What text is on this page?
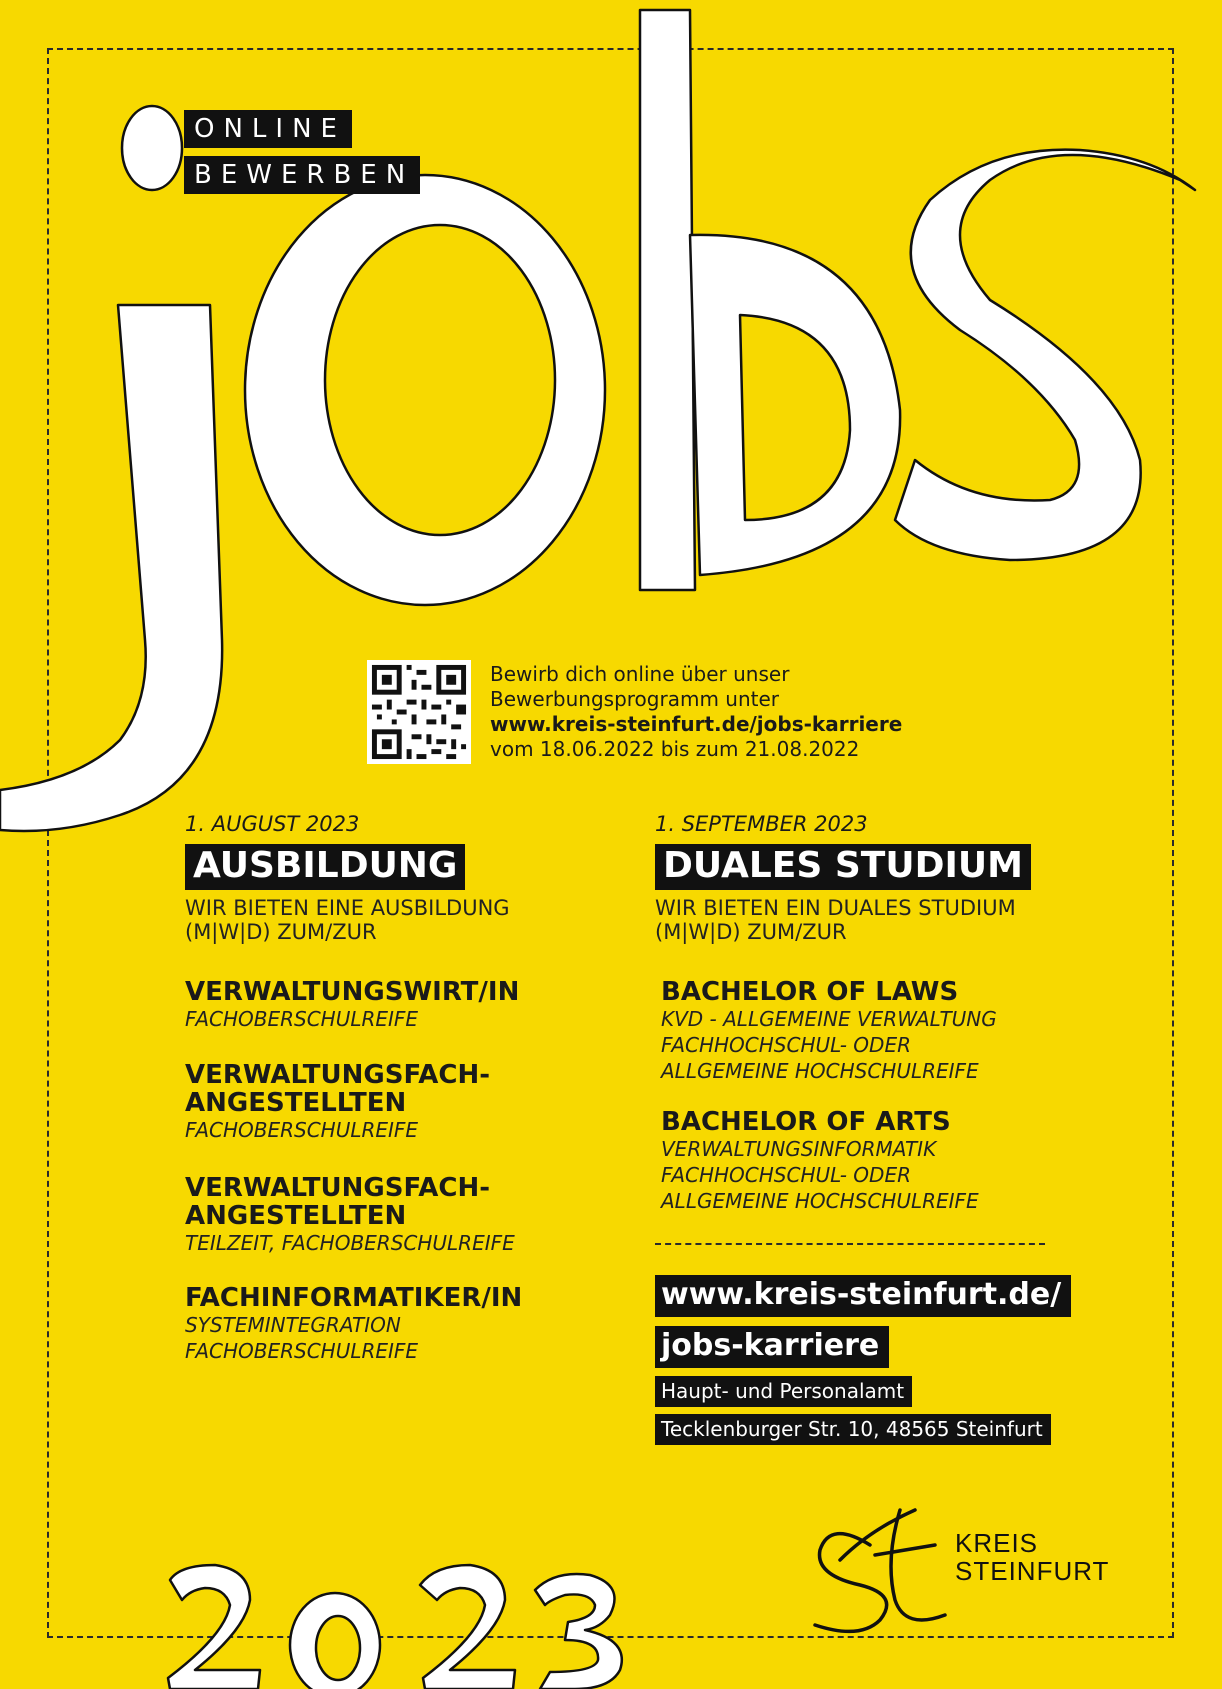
ONLINE
BEWERBEN
Bewirb dich online über unser
Bewerbungsprogramm unter
www.kreis-steinfurt.de/jobs-karriere
vom 18.06.2022 bis zum 21.08.2022
1. AUGUST 2023
AUSBILDUNG
WIR BIETEN EINE AUSBILDUNG
(M|W|D) ZUM/ZUR
VERWALTUNGSWIRT/IN
FACHOBERSCHULREIFE
VERWALTUNGSFACH-
ANGESTELLTEN
FACHOBERSCHULREIFE
VERWALTUNGSFACH-
ANGESTELLTEN
TEILZEIT, FACHOBERSCHULREIFE
FACHINFORMATIKER/IN
SYSTEMINTEGRATION
FACHOBERSCHULREIFE
1. SEPTEMBER 2023
DUALES STUDIUM
WIR BIETEN EIN DUALES STUDIUM
(M|W|D) ZUM/ZUR
BACHELOR OF LAWS
KVD - ALLGEMEINE VERWALTUNG
FACHHOCHSCHUL- ODER
ALLGEMEINE HOCHSCHULREIFE
BACHELOR OF ARTS
VERWALTUNGSINFORMATIK
FACHHOCHSCHUL- ODER
ALLGEMEINE HOCHSCHULREIFE
www.kreis-steinfurt.de/
jobs-karriere
Haupt- und Personalamt
Tecklenburger Str. 10, 48565 Steinfurt
KREIS
STEINFURT
